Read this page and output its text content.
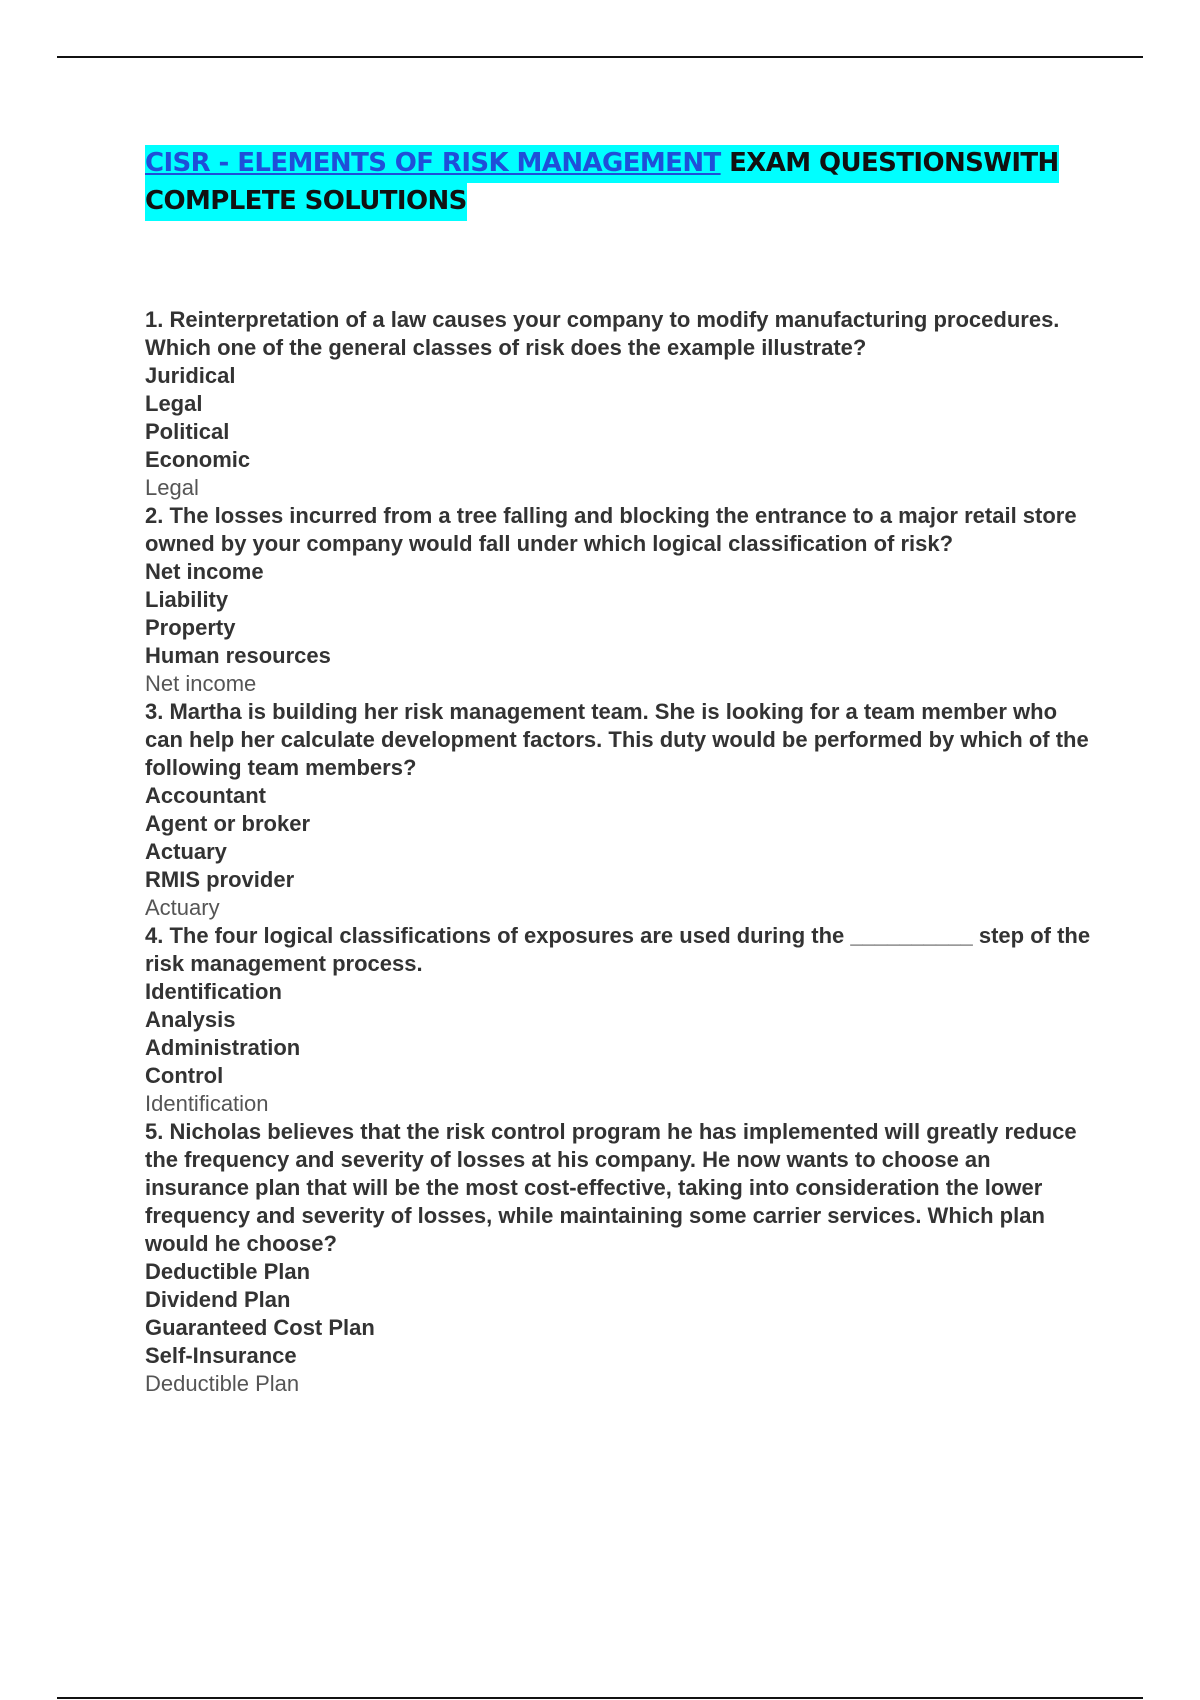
CISR - ELEMENTS OF RISK MANAGEMENT EXAM QUESTIONSWITH
COMPLETE SOLUTIONS

1. Reinterpretation of a law causes your company to modify manufacturing procedures. Which one of the general classes of risk does the example illustrate?

Juridical

Legal

Political

Economic

Legal

2. The losses incurred from a tree falling and blocking the entrance to a major retail store owned by your company would fall under which logical classification of risk?

Net income

Liability

Property

Human resources

Net income

3. Martha is building her risk management team. She is looking for a team member who can help her calculate development factors. This duty would be performed by which of the following team members?

Accountant

Agent or broker

Actuary

RMIS provider

Actuary

4. The four logical classifications of exposures are used during the __________ step of the risk management process.

Identification

Analysis

Administration

Control

Identification

5. Nicholas believes that the risk control program he has implemented will greatly reduce the frequency and severity of losses at his company. He now wants to choose an insurance plan that will be the most cost-effective, taking into consideration the lower frequency and severity of losses, while maintaining some carrier services. Which plan would he choose?

Deductible Plan

Dividend Plan

Guaranteed Cost Plan

Self-Insurance

Deductible Plan
